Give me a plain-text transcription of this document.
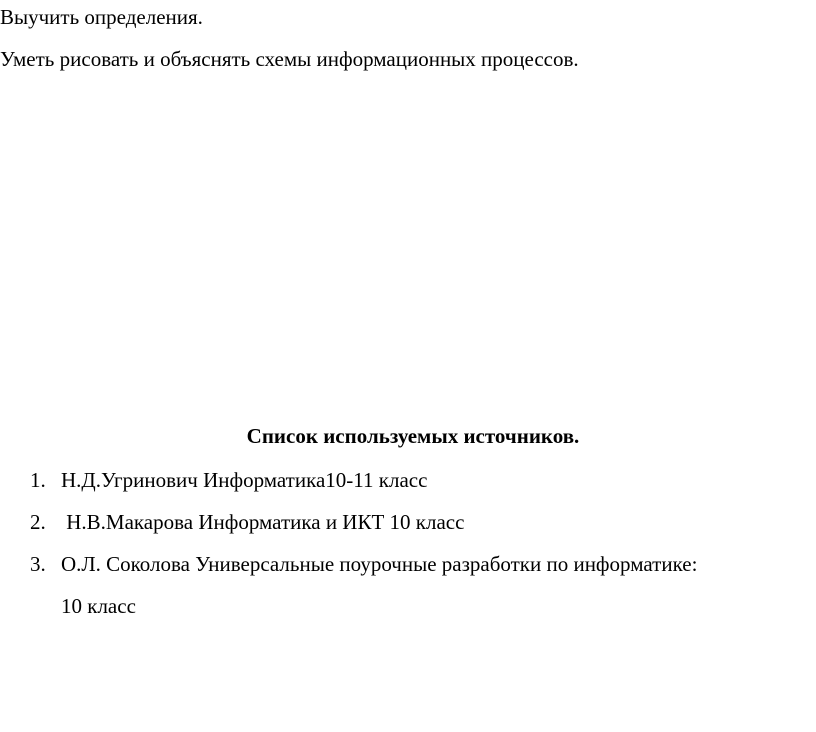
Выучить определения.
Уметь рисовать и объяснять схемы информационных процессов.
Список используемых источников.
1. Н.Д.Угринович Информатика10-11 класс
2. Н.В.Макарова Информатика и ИКТ 10 класс
3. О.Л. Соколова Универсальные поурочные разработки по информатике:
10 класс
